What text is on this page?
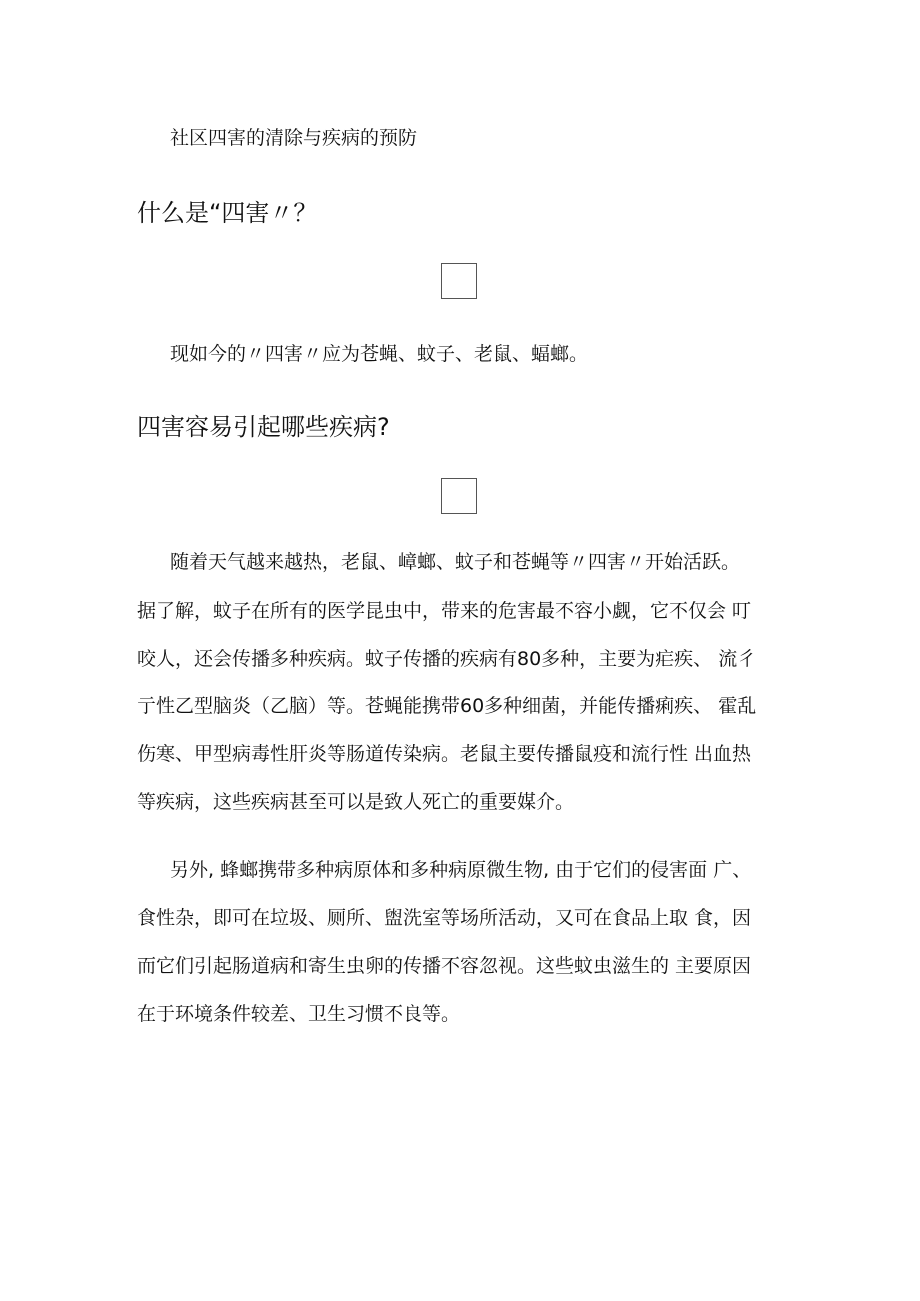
社区四害的清除与疾病的预防
什么是“四害〃？
现如今的〃四害〃应为苍蝇、蚊子、老鼠、蝠螂。
四害容易引起哪些疾病?
随着天气越来越热，老鼠、嶂螂、蚊子和苍蝇等〃四害〃开始活跃。
据了解，蚊子在所有的医学昆虫中，带来的危害最不容小觑，它不仅会 叮
咬人，还会传播多种疾病。蚊子传播的疾病有80多种，主要为疟疾、 流彳
亍性乙型脑炎（乙脑）等。苍蝇能携带60多种细菌，并能传播痢疾、 霍乱
伤寒、甲型病毒性肝炎等肠道传染病。老鼠主要传播鼠疫和流行性 出血热
等疾病，这些疾病甚至可以是致人死亡的重要媒介。
另外, 蜂螂携带多种病原体和多种病原微生物, 由于它们的侵害面 广、
食性杂，即可在垃圾、厕所、盥洗室等场所活动，又可在食品上取 食，因
而它们引起肠道病和寄生虫卵的传播不容忽视。这些蚊虫滋生的 主要原因
在于环境条件较差、卫生习惯不良等。
